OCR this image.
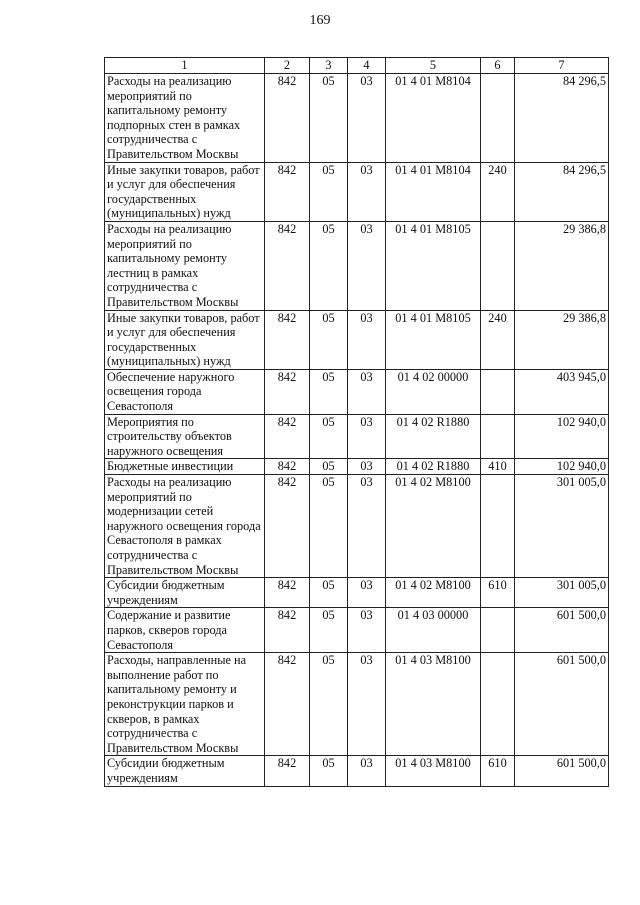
169
1	2	3	4	5	6	7
Расходы на реализацию мероприятий по капитальному ремонту подпорных стен в рамках сотрудничества с Правительством Москвы	842	05	03	01 4 01 M8104		84 296,5
Иные закупки товаров, работ и услуг для обеспечения государственных (муниципальных) нужд	842	05	03	01 4 01 M8104	240	84 296,5
Расходы на реализацию мероприятий по капитальному ремонту лестниц в рамках сотрудничества с Правительством Москвы	842	05	03	01 4 01 M8105		29 386,8
Иные закупки товаров, работ и услуг для обеспечения государственных (муниципальных) нужд	842	05	03	01 4 01 M8105	240	29 386,8
Обеспечение наружного освещения города Севастополя	842	05	03	01 4 02 00000		403 945,0
Мероприятия по строительству объектов наружного освещения	842	05	03	01 4 02 R1880		102 940,0
Бюджетные инвестиции	842	05	03	01 4 02 R1880	410	102 940,0
Расходы на реализацию мероприятий по модернизации сетей наружного освещения города Севастополя в рамках сотрудничества с Правительством Москвы	842	05	03	01 4 02 M8100		301 005,0
Субсидии бюджетным учреждениям	842	05	03	01 4 02 M8100	610	301 005,0
Содержание и развитие парков, скверов города Севастополя	842	05	03	01 4 03 00000		601 500,0
Расходы, направленные на выполнение работ по капитальному ремонту и реконструкции парков и скверов, в рамках сотрудничества с Правительством Москвы	842	05	03	01 4 03 M8100		601 500,0
Субсидии бюджетным учреждениям	842	05	03	01 4 03 M8100	610	601 500,0
